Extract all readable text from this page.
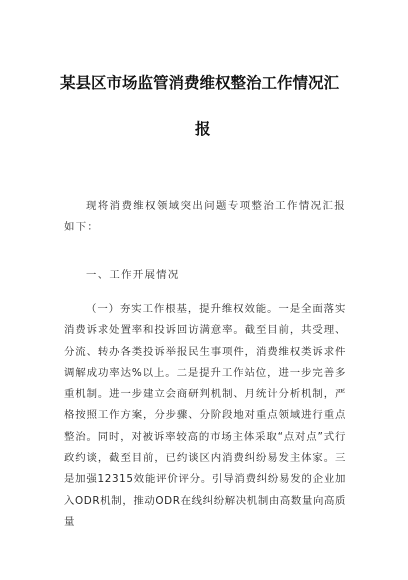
某县区市场监管消费维权整治工作情况汇
报

现将消费维权领域突出问题专项整治工作情况汇报如下：

一、工作开展情况

（一）夯实工作根基，提升维权效能。一是全面落实消费诉求处置率和投诉回访满意率。截至目前，共受理、分流、转办各类投诉举报民生事项件，消费维权类诉求件调解成功率达%以上。二是提升工作站位，进一步完善多重机制。进一步建立会商研判机制、月统计分析机制，严格按照工作方案，分步骤、分阶段地对重点领域进行重点整治。同时，对被诉率较高的市场主体采取“点对点”式行政约谈，截至目前，已约谈区内消费纠纷易发主体家。三是加强12315效能评价评分。引导消费纠纷易发的企业加入ODR机制，推动ODR在线纠纷解决机制由高数量向高质量
